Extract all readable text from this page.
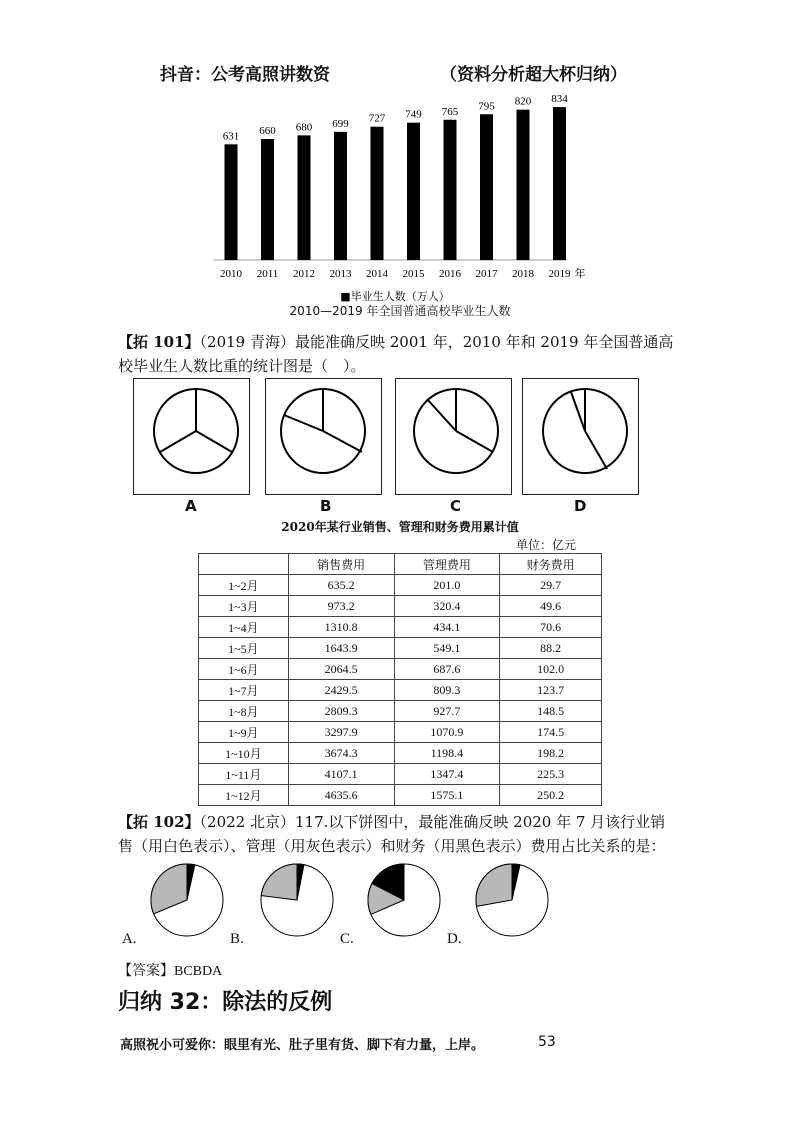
抖音：公考高照讲数资	（资料分析超大杯归纳）
631
2010
660
2011
680
2012
699
2013
727
2014
749
2015
765
2016
795
2017
820
2018
834
2019 年
■毕业生人数（万人）
2010—2019 年全国普通高校毕业生人数
【拓 101】（2019 青海）最能准确反映 2001 年，2010 年和 2019 年全国普通高校毕业生人数比重的统计图是（　）。
A	B	C	D
2020年某行业销售、管理和财务费用累计值
单位：亿元
	销售费用	管理费用	财务费用
1~2月	635.2	201.0	29.7
1~3月	973.2	320.4	49.6
1~4月	1310.8	434.1	70.6
1~5月	1643.9	549.1	88.2
1~6月	2064.5	687.6	102.0
1~7月	2429.5	809.3	123.7
1~8月	2809.3	927.7	148.5
1~9月	3297.9	1070.9	174.5
1~10月	3674.3	1198.4	198.2
1~11月	4107.1	1347.4	225.3
1~12月	4635.6	1575.1	250.2
【拓 102】（2022 北京）117.以下饼图中，最能准确反映 2020 年 7 月该行业销售（用白色表示）、管理（用灰色表示）和财务（用黑色表示）费用占比关系的是：
A.	B.	C.	D.
【答案】BCBDA
归纳 32：除法的反例
高照祝小可爱你：眼里有光、肚子里有货、脚下有力量，上岸。	53
